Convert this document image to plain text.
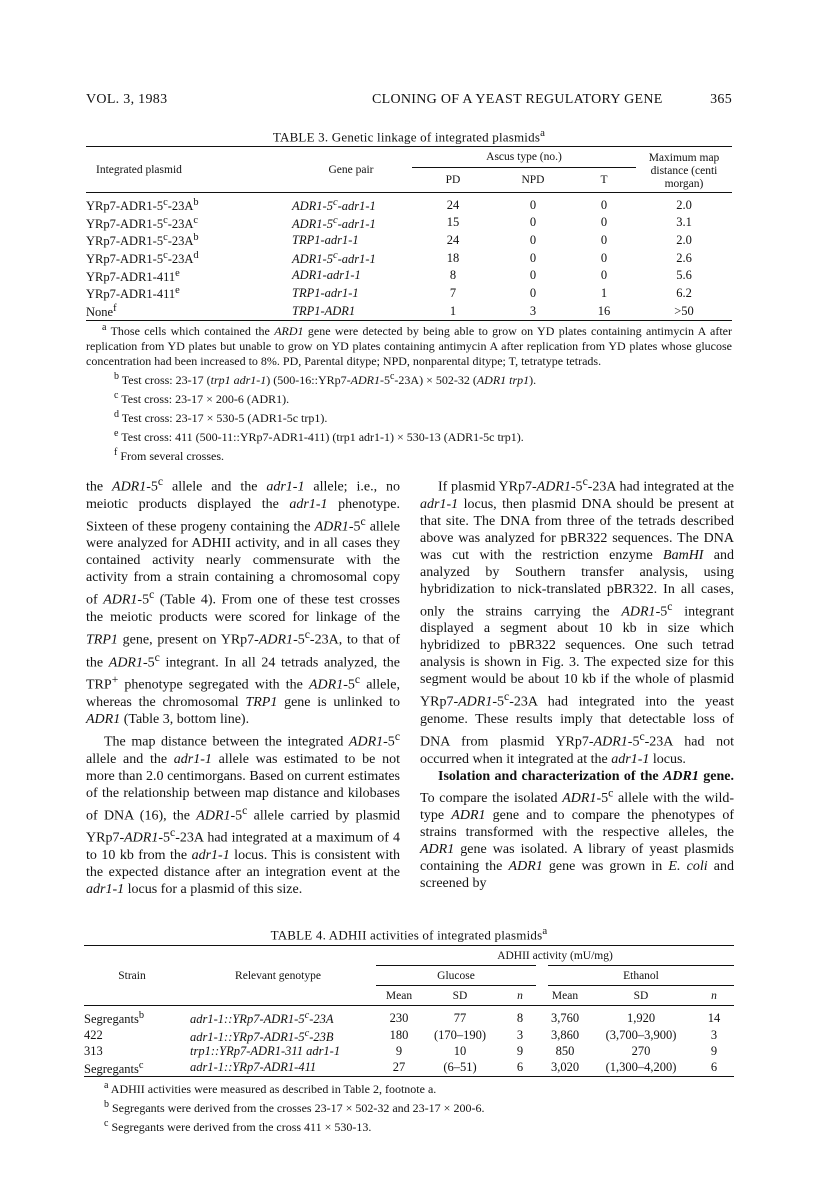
VOL. 3, 1983	CLONING OF A YEAST REGULATORY GENE	365
TABLE 3. Genetic linkage of integrated plasmids$^a$
Integrated plasmid	Gene pair	Ascus type (no.)			Maximum map
distance (centi
morgan)

		PD	NPD	T	
$YRp7-ADR1-5^c-23A^b$	ADR1-5$^c$-adr1-1	24	0	0	2.0
$YRp7-ADR1-5^c-23A^c$	ADR1-5$^c$-adr1-1	15	0	0	3.1
$YRp7-ADR1-5^c-23A^b$	TRP1-adr1-1	24	0	0	2.0
$YRp7-ADR1-5^c-23A^d$	ADR1-5$^c$-adr1-1	18	0	0	2.6
YRp7-ADR1-411e	ADR1-adr1-1	8	0	0	5.6
YRp7-ADR1-411e	TRP1-adr1-1	7	0	1	6.2
None$^f$	TRP1-ADR1	1	3	16	>50
$^a$ Those cells which contained the ARD1 gene were detected by being able to grow on YD plates containing antimycin A after replication from YD plates but unable to grow on YD plates containing antimycin A after replication from YD plates whose glucose concentration had been increased to 8%. PD, Parental ditype; NPD, nonparental ditype; T, tetratype tetrads.
$^b$ Test cross: 23-17 (trp1 adr1-1) $(500-16::YRp7-ADR1-5^c-23A) \times 502-32$ (ADR1 trp1).
$^c$ Test cross: 23-17 × 200-6 (ADR1).
$^d$ Test cross: 23-17 × 530-5 (ADR1-5c trp1).
$^e$ Test cross: 411 (500-11::YRp7-ADR1-411) (trp1 adr1-1) × 530-13 (ADR1-5c trp1).
$^f$ From several crosses.

the ADR1-5$^c$ allele and the adr1-1 allele; i.e., no meiotic products displayed the adr1-1 phenotype. Sixteen of these progeny containing the ADR1-5$^c$ allele were analyzed for ADHII activity, and in all cases they contained activity nearly commensurate with the activity from a strain containing a chromosomal copy of ADR1-5$^c$ (Table 4). From one of these test crosses the meiotic products were scored for linkage of the TRP1 gene, present on YRp7-ADR1-5$^c$-23A, to that of the ADR1-5$^c$ integrant. In all 24 tetrads analyzed, the TRP+ phenotype segregated with the ADR1-5$^c$ allele, whereas the chromosomal TRP1 gene is unlinked to ADR1 (Table 3, bottom line).

The map distance between the integrated ADR1-5$^c$ allele and the adr1-1 allele was estimated to be not more than 2.0 centimorgans. Based on current estimates of the relationship between map distance and kilobases of DNA (16), the ADR1-5$^c$ allele carried by plasmid YRp7-ADR1-5$^c$-23A had integrated at a maximum of 4 to 10 kb from the adr1-1 locus. This is consistent with the expected distance after an integration event at the adr1-1 locus for a plasmid of this size.

If plasmid YRp7-ADR1-5$^c$-23A had integrated at the adr1-1 locus, then plasmid DNA should be present at that site. The DNA from three of the tetrads described above was analyzed for pBR322 sequences. The DNA was cut with the restriction enzyme BamHI and analyzed by Southern transfer analysis, using hybridization to nick-translated pBR322. In all cases, only the strains carrying the ADR1-5$^c$ integrant displayed a segment about 10 kb in size which hybridized to pBR322 sequences. One such tetrad analysis is shown in Fig. 3. The expected size for this segment would be about 10 kb if the whole of plasmid YRp7-ADR1-5$^c$-23A had integrated into the yeast genome. These results imply that detectable loss of DNA from plasmid YRp7-ADR1-5$^c$-23A had not occurred when it integrated at the adr1-1 locus.

Isolation and characterization of the ADR1 gene. To compare the isolated ADR1-5$^c$ allele with the wild-type ADR1 gene and to compare the phenotypes of strains transformed with the respective alleles, the ADR1 gene was isolated. A library of yeast plasmids containing the ADR1 gene was grown in E. coli and screened by

TABLE 4. ADHII activities of integrated plasmids$^a$
Strain	Relevant genotype	ADHII activity (mU/mg)					
		Glucose			Ethanol		
		Mean	SD	n	Mean	SD	n
Segregants$^b$	adr1-1::YRp7-ADR1-5$^c$-23A	230	77	8	3,760	1,920	14
422	adr1-1::YRp7-ADR1-5$^c$-23B	180	(170–190)	3	3,860	(3,700–3,900)	3
313	trp1::YRp7-ADR1-311 adr1-1	9	10	9	850	270	9
Segregants$^c$	adr1-1::YRp7-ADR1-411	27	(6–51)	6	3,020	(1,300–4,200)	6
$^a$ ADHII activities were measured as described in Table 2, footnote a.
$^b$ Segregants were derived from the crosses 23-17 × 502-32 and 23-17 × 200-6.
$^c$ Segregants were derived from the cross 411 × 530-13.
